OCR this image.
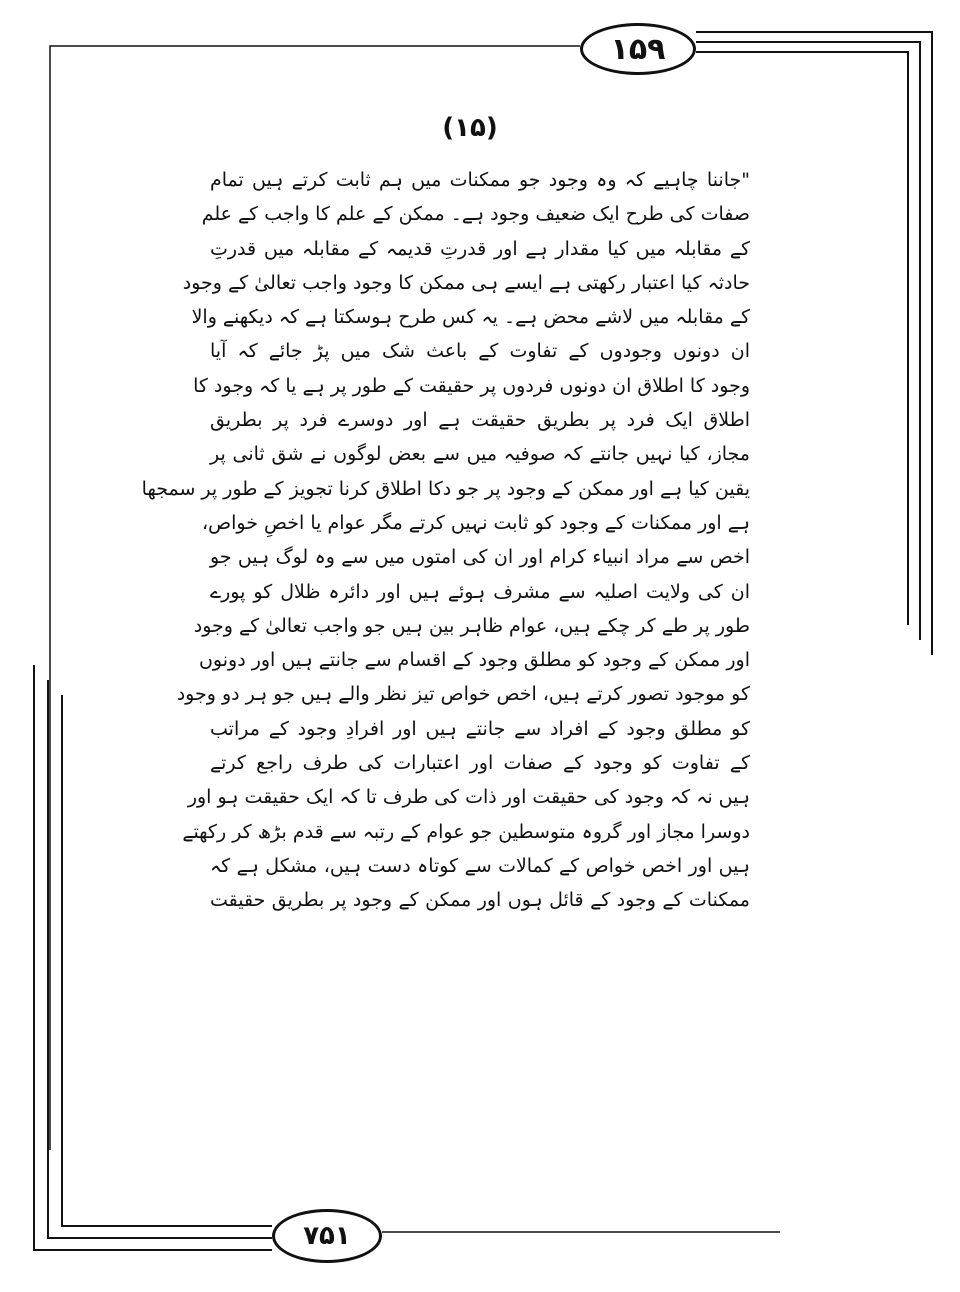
۱۵۹
(۱۵)
"جاننا چاہیے کہ وہ وجود جو ممکنات میں ہم ثابت کرتے ہیں تمام
صفات کی طرح ایک ضعیف وجود ہے۔ ممکن کے علم کا واجب کے علم
کے مقابلہ میں کیا مقدار ہے اور قدرتِ قدیمہ کے مقابلہ میں قدرتِ
حادثہ کیا اعتبار رکھتی ہے ایسے ہی ممکن کا وجود واجب تعالیٰ کے وجود
کے مقابلہ میں لاشے محض ہے۔ یہ کس طرح ہوسکتا ہے کہ دیکھنے والا
ان دونوں وجودوں کے تفاوت کے باعث شک میں پڑ جائے کہ آیا
وجود کا اطلاق ان دونوں فردوں پر حقیقت کے طور پر ہے یا کہ وجود کا
اطلاق ایک فرد پر بطریق حقیقت ہے اور دوسرے فرد پر بطریق
مجاز، کیا نہیں جانتے کہ صوفیہ میں سے بعض لوگوں نے شق ثانی پر
یقین کیا ہے اور ممکن کے وجود پر جو دکا اطلاق کرنا تجویز کے طور پر سمجھا
ہے اور ممکنات کے وجود کو ثابت نہیں کرتے مگر عوام یا اخصِ خواص،
اخص سے مراد انبیاء کرام اور ان کی امتوں میں سے وہ لوگ ہیں جو
ان کی ولایت اصلیہ سے مشرف ہوئے ہیں اور دائرہ ظلال کو پورے
طور پر طے کر چکے ہیں، عوام ظاہر بین ہیں جو واجب تعالیٰ کے وجود
اور ممکن کے وجود کو مطلق وجود کے اقسام سے جانتے ہیں اور دونوں
کو موجود تصور کرتے ہیں، اخص خواص تیز نظر والے ہیں جو ہر دو وجود
کو مطلق وجود کے افراد سے جانتے ہیں اور افرادِ وجود کے مراتب
کے تفاوت کو وجود کے صفات اور اعتبارات کی طرف راجع کرتے
ہیں نہ کہ وجود کی حقیقت اور ذات کی طرف تا کہ ایک حقیقت ہو اور
دوسرا مجاز اور گروہ متوسطین جو عوام کے رتبہ سے قدم بڑھ کر رکھتے
ہیں اور اخص خواص کے کمالات سے کوتاہ دست ہیں، مشکل ہے کہ
ممکنات کے وجود کے قائل ہوں اور ممکن کے وجود پر بطریق حقیقت
۷۵۱
